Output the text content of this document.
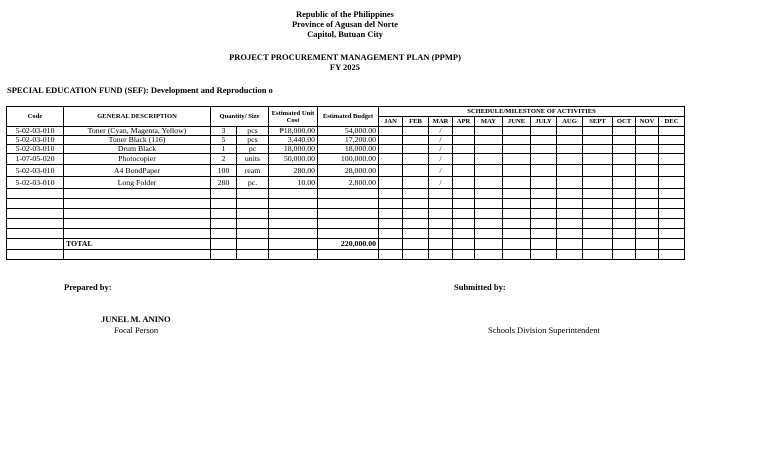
Republic of the Philippines
Province of Agusan del Norte
Capitol, Butuan City
PROJECT PROCUREMENT MANAGEMENT PLAN (PPMP)
FY 2025
SPECIAL EDUCATION FUND (SEF): Development and Reproduction o
Code	GENERAL DESCRIPTION	Quantity/ Size		Estimated Unit Cost	Estimated Budget	SCHEDULE/MILESTONE OF ACTIVITIES											
						JAN	FEB	MAR	APR	MAY	JUNE	JULY	AUG	SEPT	OCT	NOV	DEC
5-02-03-010	Toner (Cyan, Magenta, Yellow)	3	pcs	₱18,000.00	54,000.00			/									
5-02-03-010	Toner Black (116)	5	pcs	3,440.00	17,200.00			/									
5-02-03-010	Drum Black	1	pc	18,000.00	18,000.00			/									
1-07-05-020	Photocopier	2	units	50,000.00	100,000.00			/									
5-02-03-010	A4 BondPaper	100	ream	280.00	28,000.00			/									
5-02-03-010	Long Folder	280	pc.	10.00	2,800.00			/									

	TOTAL				220,000.00												

Prepared by:	Submitted by:
JUNEL M. ANINO
Focal Person	Schools Division Superintendent
